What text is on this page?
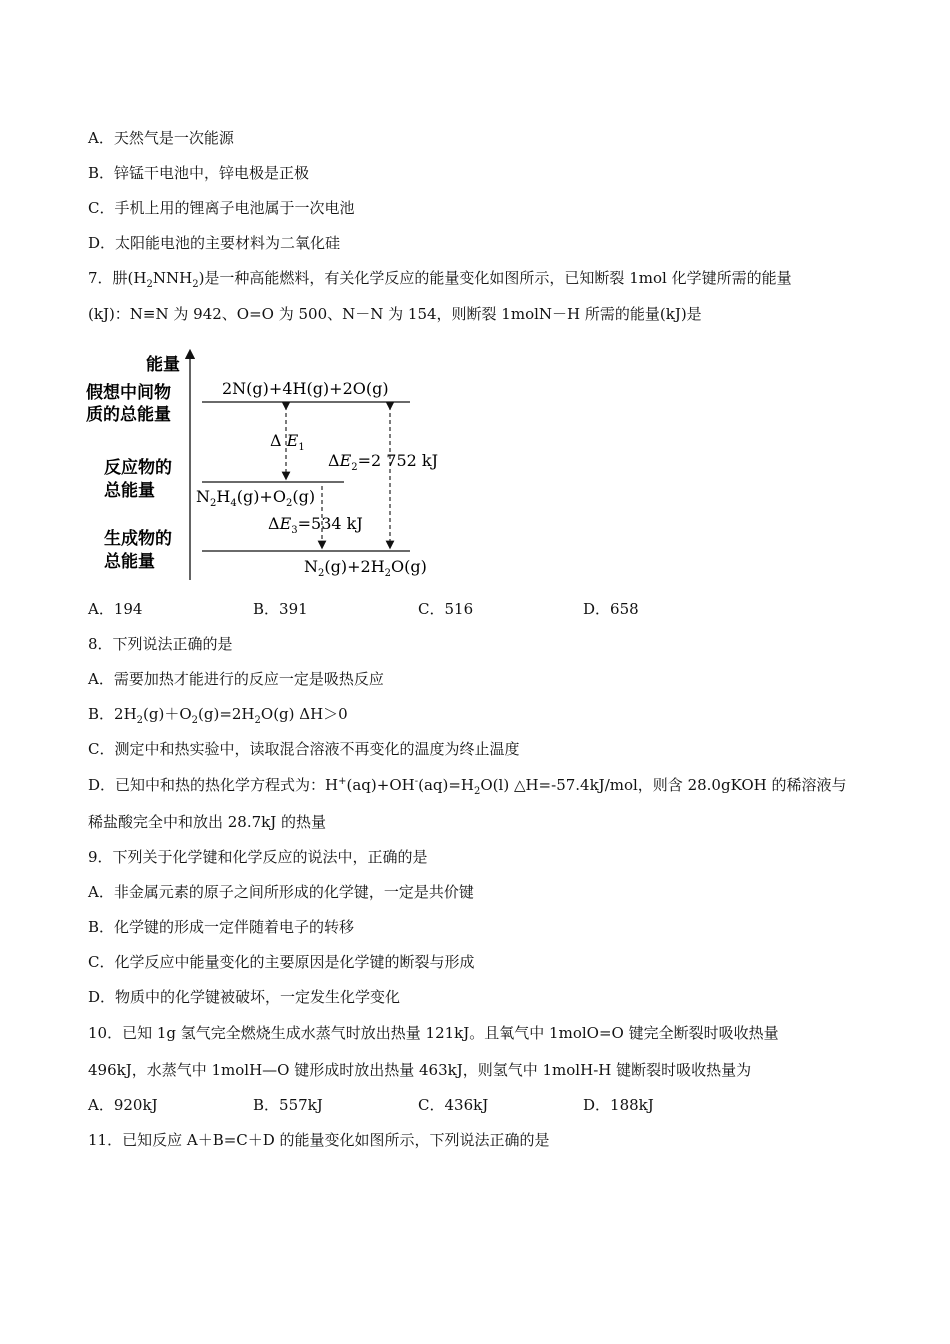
A．天然气是一次能源
B．锌锰干电池中，锌电极是正极
C．手机上用的锂离子电池属于一次电池
D．太阳能电池的主要材料为二氧化硅
7．肼$(H_2NNH_2)$是一种高能燃料，有关化学反应的能量变化如图所示，已知断裂 1mol 化学键所需的能量
(kJ)：N≡N 为 942、O=O 为 500、N－N 为 154，则断裂 1molN－H 所需的能量(kJ)是
能量
假想中间物
质的总能量
反应物的
总能量
生成物的
总能量
2N(g)+4H(g)+2O(g)
$N_2H_4(g)+O_2(g)$
$N_2(g)+2H_2O(g)$
Δ $E_1$
$\Delta E_2=2$ 752 kJ
$\Delta E_3=534$ kJ
A．194	B．391	C．516	D．658
8．下列说法正确的是
A．需要加热才能进行的反应一定是吸热反应
B．$2H_2(g)+O_2(g)=2H_2O(g)$ ΔH＞0
C．测定中和热实验中，读取混合溶液不再变化的温度为终止温度
D．已知中和热的热化学方程式为：$H^+(aq)+OH^-(aq)=H_2O(l)$ △H=-57.4kJ/mol，则含 28.0gKOH 的稀溶液与
稀盐酸完全中和放出 28.7kJ 的热量
9．下列关于化学键和化学反应的说法中，正确的是
A．非金属元素的原子之间所形成的化学键，一定是共价键
B．化学键的形成一定伴随着电子的转移
C．化学反应中能量变化的主要原因是化学键的断裂与形成
D．物质中的化学键被破坏，一定发生化学变化
10．已知 1g 氢气完全燃烧生成水蒸气时放出热量 121kJ。且氧气中 1molO=O 键完全断裂时吸收热量
496kJ，水蒸气中 1molH—O 键形成时放出热量 463kJ，则氢气中 1molH-H 键断裂时吸收热量为
A．920kJ	B．557kJ	C．436kJ	D．188kJ
11．已知反应 A＋B=C＋D 的能量变化如图所示，下列说法正确的是
